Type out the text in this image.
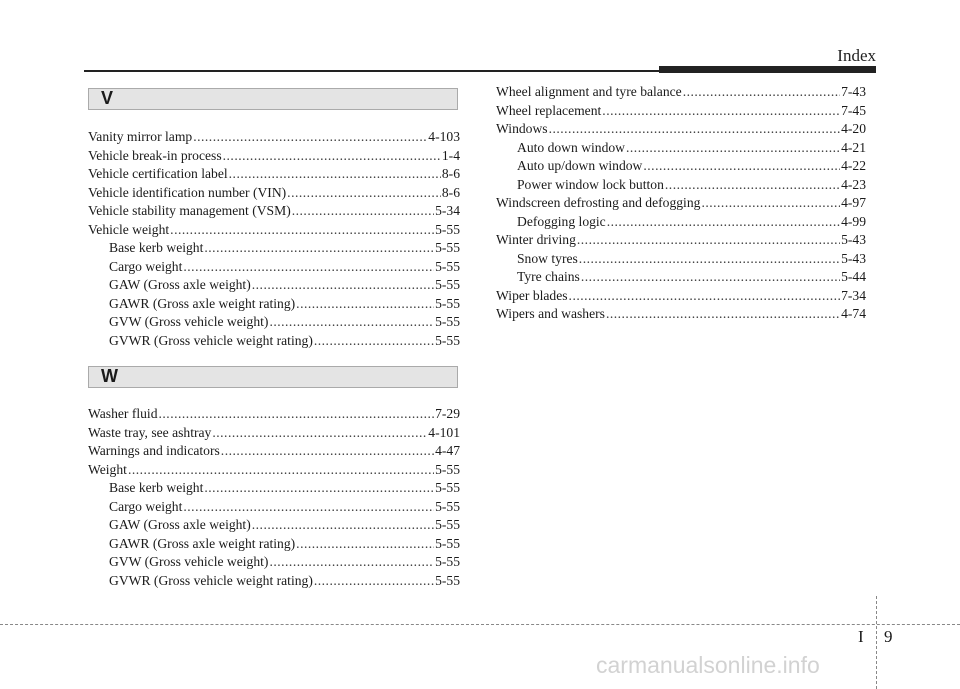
Index
V
Vanity mirror lamp .....	4-103
Vehicle break-in process .....	1-4
Vehicle certification label .....	8-6
Vehicle identification number (VIN) .....	8-6
Vehicle stability management (VSM) .....	5-34
Vehicle weight .....	5-55
Base kerb weight .....	5-55
Cargo weight .....	5-55
GAW (Gross axle weight) .....	5-55
GAWR (Gross axle weight rating) .....	5-55
GVW (Gross vehicle weight) .....	5-55
GVWR (Gross vehicle weight rating) .....	5-55
W
Washer fluid .....	7-29
Waste tray, see ashtray .....	4-101
Warnings and indicators .....	4-47
Weight .....	5-55
Base kerb weight .....	5-55
Cargo weight .....	5-55
GAW (Gross axle weight) .....	5-55
GAWR (Gross axle weight rating) .....	5-55
GVW (Gross vehicle weight) .....	5-55
GVWR (Gross vehicle weight rating) .....	5-55
Wheel alignment and tyre balance .....	7-43
Wheel replacement .....	7-45
Windows .....	4-20
Auto down window .....	4-21
Auto up/down window .....	4-22
Power window lock button .....	4-23
Windscreen defrosting and defogging .....	4-97
Defogging logic .....	4-99
Winter driving .....	5-43
Snow tyres .....	5-43
Tyre chains .....	5-44
Wiper blades .....	7-34
Wipers and washers .....	4-74
I 9
carmanualsonline.info
